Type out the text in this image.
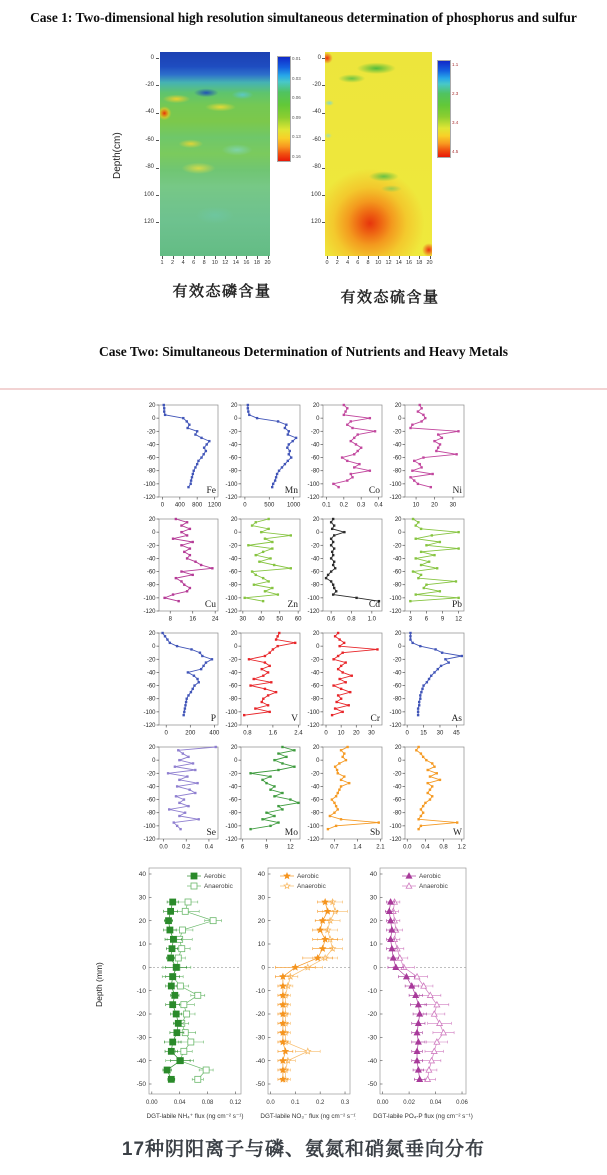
Case 1: Two-dimensional high resolution simultaneous determination of phosphorus and sulfur
Depth(cm)
0	0
-20	-20
-40	-40
-60	-60
-80	-80
100	100
120	120
1	2	4	6	8	10 12 14 16 18 20	0	2	4	6	8	10 12 14 16 18 20
0.01
0.03
0.06
0.09
0.13
0.16
1.1
2.3
3.4
4.5
有效态磷含量	有效态硫含量
Case Two: Simultaneous Determination of Nutrients and Heavy Metals
20
0
-20
-40
-60
-80
-100
-120
0 400 800 1200
Fe
20
0
-20
-40
-60
-80
-100
-120
0	500 1000
Mn
20
0
-20
-40
-60
-80
-100
-120
0.1 0.2 0.3 0.4
Co
20
0
-20
-40
-60
-80
-100
-120
10 20 30
Ni
20
0
-20
-40
-60
-80
-100
-120
8	16	24
Cu
20
0
-20
-40
-60
-80
-100
-120
30 40 50 60
Zn
20
0
-20
-40
-60
-80
-100
-120
0.6 0.8 1.0
Cd
20
0
-20
-40
-60
-80
-100
-120
3 6 9 12
Pb
20
0
-20
-40
-60
-80
-100
-120
0	200 400
P
20
0
-20
-40
-60
-80
-100
-120
0.8	1.6	2.4
V
20
0
-20
-40
-60
-80
-100
-120
0 10 20 30
Cr
20
0
-20
-40
-60
-80
-100
-120
0 15 30 45
As
20
0
-20
-40
-60
-80
-100
-120
0.0 0.2 0.4
Se
20
0
-20
-40
-60
-80
-100
-120
6	9	12
Mo
20
0
-20
-40
-60
-80
-100
-120
0.7 1.4 2.1
Sb
20
0
-20
-40
-60
-80
-100
-120
0.0 0.4 0.8 1.2
W
Depth (mm)
40
30
20
10
0
-10
-20
-30
-40
-50
0.00	0.04	0.08	0.12
Aerobic
Anaerobic
DGT-labile NH₄⁺ flux (ng cm⁻² s⁻¹)
40
30
20
10
0
-10
-20
-30
-40
-50
0.0	0.1	0.2	0.3
Aerobic
Anaerobic
DGT-labile NO₃⁻ flux (ng cm⁻² s⁻¹)
40
30
20
10
0
-10
-20
-30
-40
-50
0.00 0.02 0.04 0.06
Aerobic
Anaerobic
DGT-labile PO₄-P flux (ng cm⁻² s⁻¹)
17种阴阳离子与磷、氨氮和硝氮垂向分布
